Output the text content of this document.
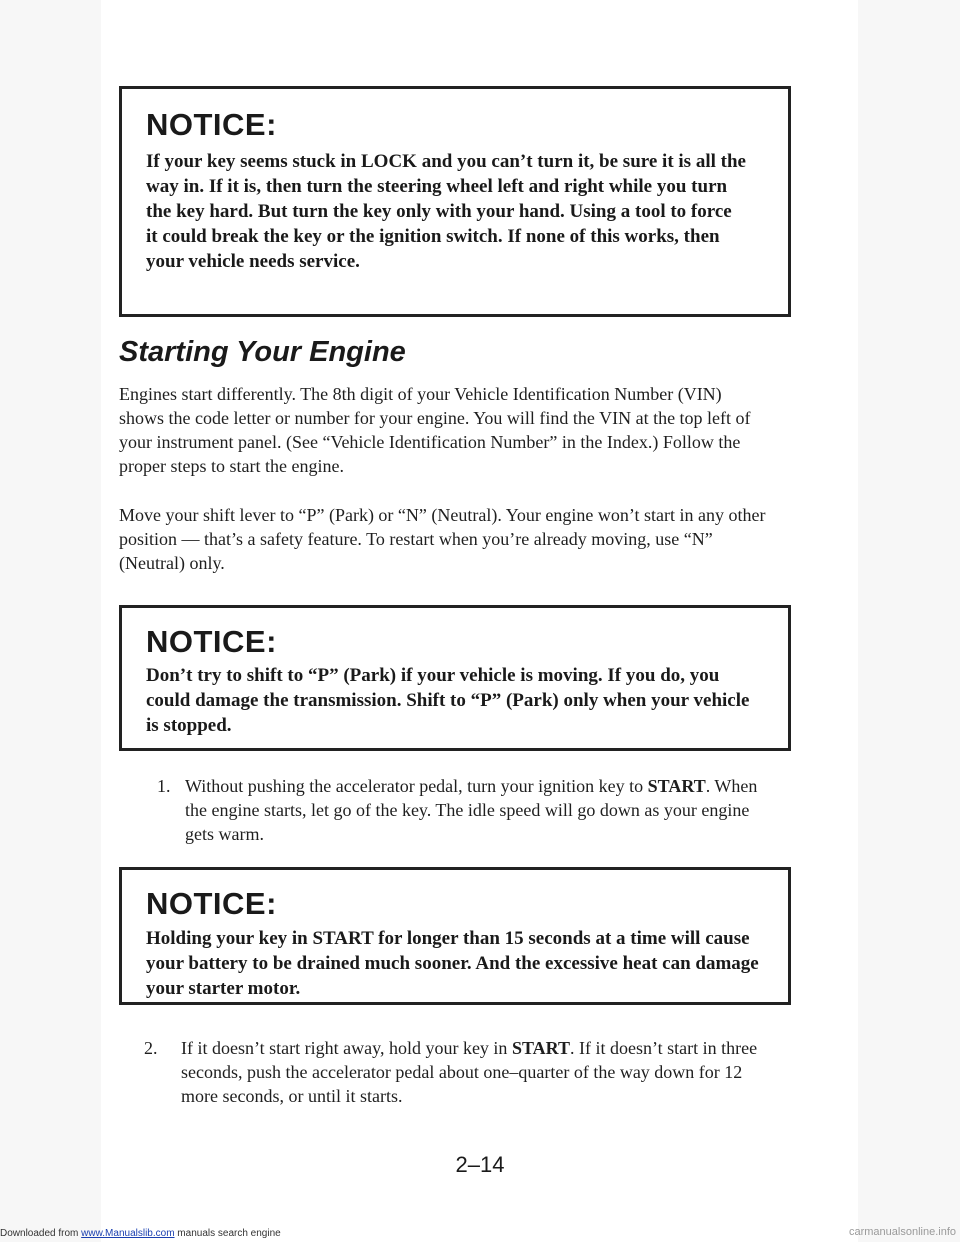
NOTICE:

If your key seems stuck in LOCK and you can’t turn it, be sure it is all the way in. If it is, then turn the steering wheel left and right while you turn the key hard. But turn the key only with your hand. Using a tool to force it could break the key or the ignition switch. If none of this works, then your vehicle needs service.

Starting Your Engine

Engines start differently. The 8th digit of your Vehicle Identification Number (VIN) shows the code letter or number for your engine. You will find the VIN at the top left of your instrument panel. (See “Vehicle Identification Number” in the Index.) Follow the proper steps to start the engine.

Move your shift lever to “P” (Park) or “N” (Neutral). Your engine won’t start in any other position — that’s a safety feature. To restart when you’re already moving, use “N” (Neutral) only.

NOTICE:

Don’t try to shift to “P” (Park) if your vehicle is moving. If you do, you could damage the transmission. Shift to “P” (Park) only when your vehicle is stopped.

1. Without pushing the accelerator pedal, turn your ignition key to START. When the engine starts, let go of the key. The idle speed will go down as your engine gets warm.
NOTICE:

Holding your key in START for longer than 15 seconds at a time will cause your battery to be drained much sooner. And the excessive heat can damage your starter motor.

2.	If it doesn’t start right away, hold your key in START. If it doesn’t start in three seconds, push the accelerator pedal about one–quarter of the way down for 12 more seconds, or until it starts.
2–14
Downloaded from www.Manualslib.com manuals search engine	carmanualsonline.info
